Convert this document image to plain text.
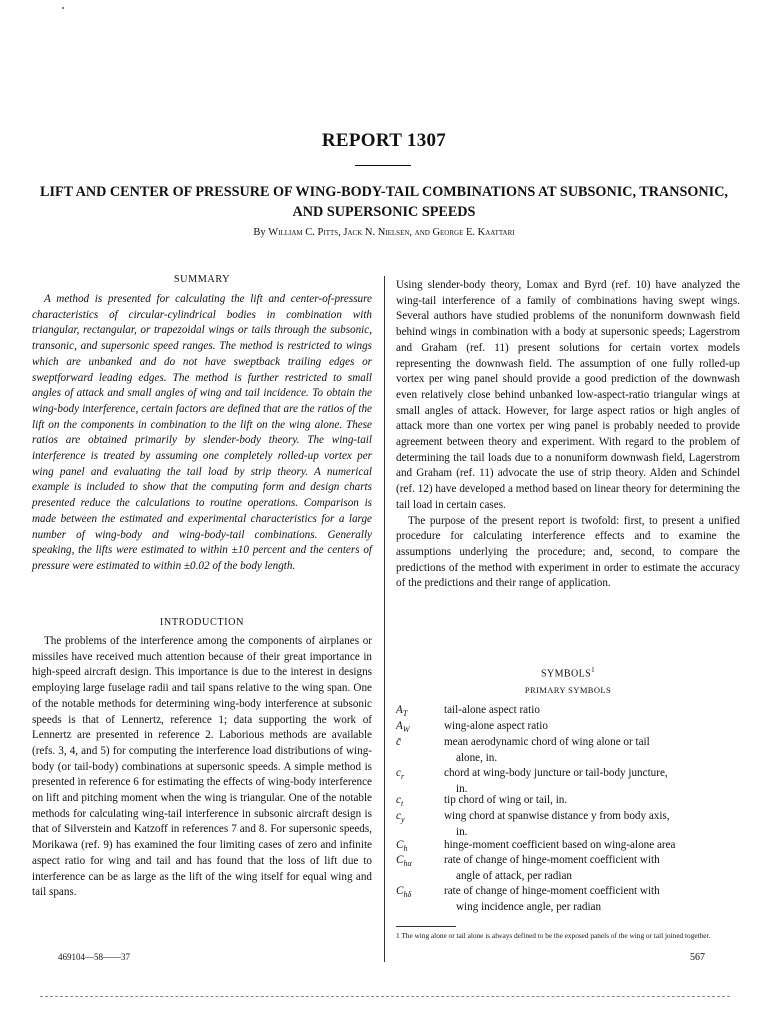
REPORT 1307
LIFT AND CENTER OF PRESSURE OF WING-BODY-TAIL COMBINATIONS AT SUBSONIC, TRANSONIC, AND SUPERSONIC SPEEDS
By William C. Pitts, Jack N. Nielsen, and George E. Kaattari
SUMMARY

A method is presented for calculating the lift and center-of-pressure characteristics of circular-cylindrical bodies in combination with triangular, rectangular, or trapezoidal wings or tails through the subsonic, transonic, and supersonic speed ranges. The method is restricted to wings which are unbanked and do not have sweptback trailing edges or sweptforward leading edges. The method is further restricted to small angles of attack and small angles of wing and tail incidence. To obtain the wing-body interference, certain factors are defined that are the ratios of the lift on the components in combination to the lift on the wing alone. These ratios are obtained primarily by slender-body theory. The wing-tail interference is treated by assuming one completely rolled-up vortex per wing panel and evaluating the tail load by strip theory. A numerical example is included to show that the computing form and design charts presented reduce the calculations to routine operations. Comparison is made between the estimated and experimental characteristics for a large number of wing-body and wing-body-tail combinations. Generally speaking, the lifts were estimated to within ±10 percent and the centers of pressure were estimated to within ±0.02 of the body length.

INTRODUCTION

The problems of the interference among the components of airplanes or missiles have received much attention because of their great importance in high-speed aircraft design. This importance is due to the interest in designs employing large fuselage radii and tail spans relative to the wing span. One of the notable methods for determining wing-body interference at subsonic speeds is that of Lennertz, reference 1; data supporting the work of Lennertz are presented in reference 2. Laborious methods are available (refs. 3, 4, and 5) for computing the interference load distributions of wing-body (or tail-body) combinations at supersonic speeds. A simple method is presented in reference 6 for estimating the effects of wing-body interference on lift and pitching moment when the wing is triangular. One of the notable methods for calculating wing-tail interference in subsonic aircraft design is that of Silverstein and Katzoff in references 7 and 8. For supersonic speeds, Morikawa (ref. 9) has examined the four limiting cases of zero and infinite aspect ratio for wing and tail and has found that the loss of lift due to interference can be as large as the lift of the wing itself for equal wing and tail spans.

469104—58——37

Using slender-body theory, Lomax and Byrd (ref. 10) have analyzed the wing-tail interference of a family of combinations having swept wings. Several authors have studied problems of the nonuniform downwash field behind wings in combination with a body at supersonic speeds; Lagerstrom and Graham (ref. 11) present solutions for certain vortex models representing the downwash field. The assumption of one fully rolled-up vortex per wing panel should provide a good prediction of the downwash even relatively close behind unbanked low-aspect-ratio triangular wings at small angles of attack. However, for large aspect ratios or high angles of attack more than one vortex per wing panel is probably needed to provide agreement between theory and experiment. With regard to the problem of determining the tail loads due to a nonuniform downwash field, Lagerstrom and Graham (ref. 11) advocate the use of strip theory. Alden and Schindel (ref. 12) have developed a method based on linear theory for determining the tail load in certain cases.

The purpose of the present report is twofold: first, to present a unified procedure for calculating interference effects and to examine the assumptions underlying the procedure; and, second, to compare the predictions of the method with experiment in order to estimate the accuracy of the predictions and their range of application.

SYMBOLS$^1$
PRIMARY SYMBOLS
$A_T$	tail-alone aspect ratio
$A_W$	wing-alone aspect ratio
c̄	mean aerodynamic chord of wing alone or tail
alone, in.
$c_r$	chord at wing-body juncture or tail-body juncture,
in.
$c_t$	tip chord of wing or tail, in.
$c_y$	wing chord at spanwise distance y from body axis,
in.
$C_h$	hinge-moment coefficient based on wing-alone area
$C_{h\alpha}$	rate of change of hinge-moment coefficient with
angle of attack, per radian
$C_{h\delta}$	rate of change of hinge-moment coefficient with
wing incidence angle, per radian
1 The wing alone or tail alone is always defined to be the exposed panels of the wing or tail joined together.
567
